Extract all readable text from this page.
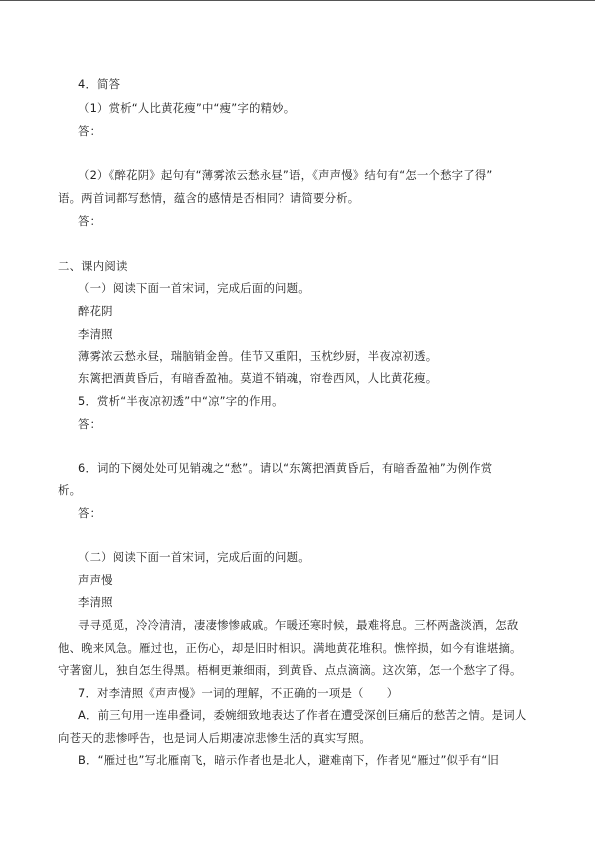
4．简答
（1）赏析“人比黄花瘦”中“瘦”字的精妙。
答：
（2）《醉花阴》起句有“薄雾浓云愁永昼”语，《声声慢》结句有“怎一个愁字了得”
语。两首词都写愁情，蕴含的感情是否相同？请简要分析。
答：
二、课内阅读
（一）阅读下面一首宋词，完成后面的问题。
醉花阴
李清照
薄雾浓云愁永昼，瑞脑销金兽。佳节又重阳，玉枕纱厨，半夜凉初透。
东篱把酒黄昏后，有暗香盈袖。莫道不销魂，帘卷西风，人比黄花瘦。
5．赏析“半夜凉初透”中“凉”字的作用。
答：
6．词的下阕处处可见销魂之“愁”。请以“东篱把酒黄昏后，有暗香盈袖”为例作赏
析。
答：
（二）阅读下面一首宋词，完成后面的问题。
声声慢
李清照
寻寻觅觅，冷冷清清，凄凄惨惨戚戚。乍暖还寒时候，最难将息。三杯两盏淡酒，怎敌
他、晚来风急。雁过也，正伤心，却是旧时相识。满地黄花堆积。憔悴损，如今有谁堪摘。
守著窗儿，独自怎生得黑。梧桐更兼细雨，到黄昏、点点滴滴。这次第，怎一个愁字了得。
7．对李清照《声声慢》一词的理解，不正确的一项是（　　）
A．前三句用一连串叠词，委婉细致地表达了作者在遭受深创巨痛后的愁苦之情。是词人
向苍天的悲惨呼告，也是词人后期凄凉悲惨生活的真实写照。
B．“雁过也”写北雁南飞，暗示作者也是北人，避难南下，作者见“雁过”似乎有“旧
